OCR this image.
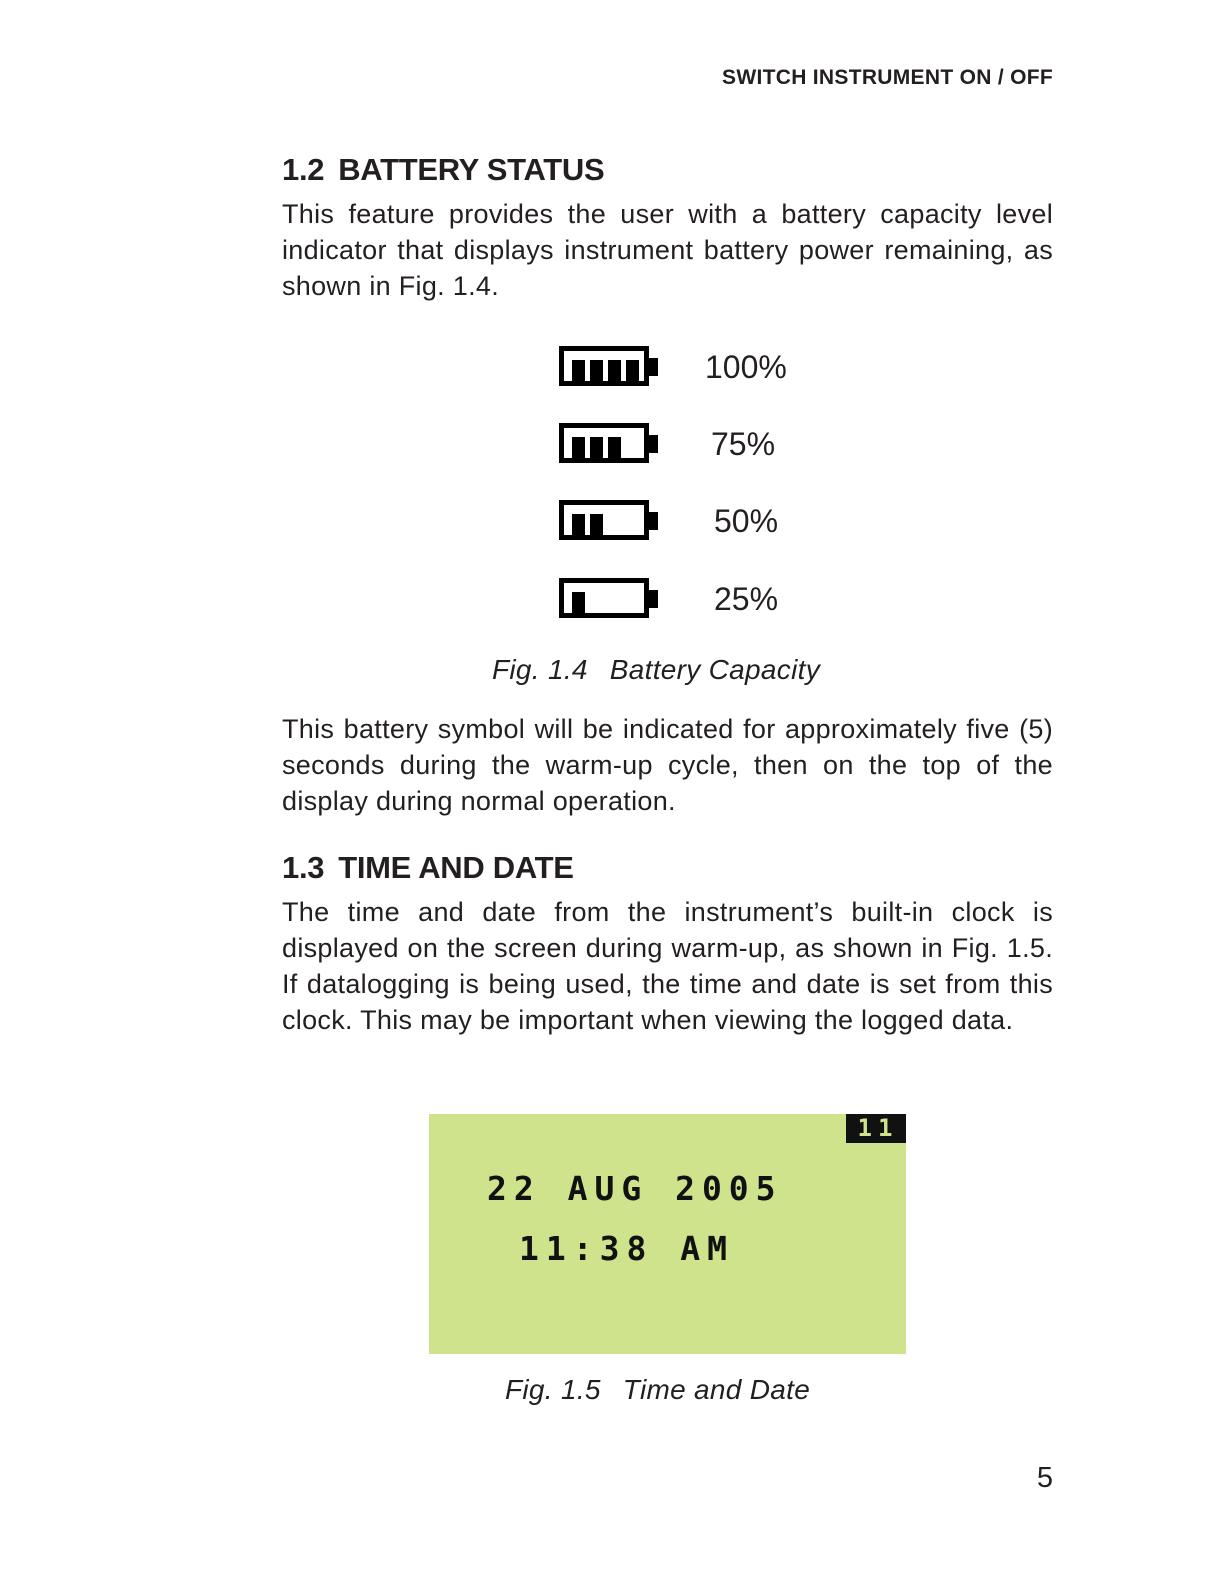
SWITCH INSTRUMENT ON / OFF
1.2 BATTERY STATUS

This feature provides the user with a battery capacity level indicator that displays instrument battery power remaining, as shown in Fig. 1.4.

100%
75%
50%
25%
Fig. 1.4 Battery Capacity

This battery symbol will be indicated for approximately five (5) seconds during the warm-up cycle, then on the top of the display during normal operation.

1.3 TIME AND DATE

The time and date from the instrument’s built-in clock is displayed on the screen during warm-up, as shown in Fig. 1.5. If datalogging is being used, the time and date is set from this clock. This may be important when viewing the logged data.

11
22 AUG 2005
11:38 AM
Fig. 1.5 Time and Date
5
